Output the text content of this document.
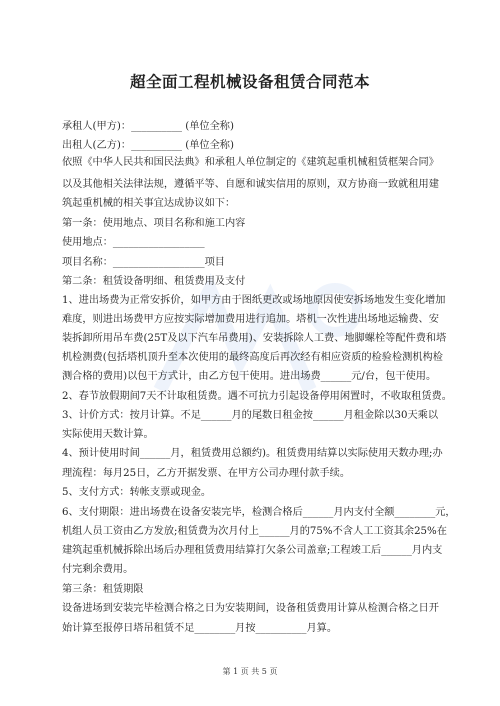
超全面工程机械设备租赁合同范本
承租人(甲方)：__________ (单位全称)
出租人(乙方)：__________ (单位全称)
依照《中华人民共和国民法典》和承租人单位制定的《建筑起重机械租赁框架合同》
以及其他相关法律法规，遵循平等、自愿和诚实信用的原则，双方协商一致就租用建
筑起重机械的相关事宜达成协议如下：
第一条：使用地点、项目名称和施工内容
使用地点：__________________
项目名称：__________________项目
第二条：租赁设备明细、租赁费用及支付
1、进出场费为正常安拆价，如甲方由于图纸更改或场地原因使安拆场地发生变化增加
难度，则进出场费甲方应按实际增加费用进行追加。塔机一次性进出场地运输费、安
装拆卸所用吊车费(25T及以下汽车吊费用)、安装拆除人工费、地脚螺栓等配件费和塔
机检测费(包括塔机顶升至本次使用的最终高度后再次经有相应资质的检验检测机构检
测合格的费用)以包干方式计，由乙方包干使用。进出场费______元/台，包干使用。
2、春节放假期间7天不计取租赁费。遇不可抗力引起设备停用闲置时，不收取租赁费。
3、计价方式：按月计算。不足______月的尾数日租金按______月租金除以30天乘以
实际使用天数计算。
4、预计使用时间______月，租赁费用总额约)。租赁费用结算以实际使用天数办理;办
理流程：每月25日，乙方开据发票、在甲方公司办理付款手续。
5、支付方式：转帐支票或现金。
6、支付期限：进出场费在设备安装完毕，检测合格后______月内支付全额________元，
机组人员工资由乙方发放;租赁费为次月付上______月的75%不含人工工资其余25%在
建筑起重机械拆除出场后办理租赁费用结算打欠条公司盖章;工程竣工后______月内支
付完剩余费用。
第三条：租赁期限
设备进场到安装完毕检测合格之日为安装期间，设备租赁费用计算从检测合格之日开
始计算至报停日塔吊租赁不足________月按__________月算。
第 1 页 共 5 页
